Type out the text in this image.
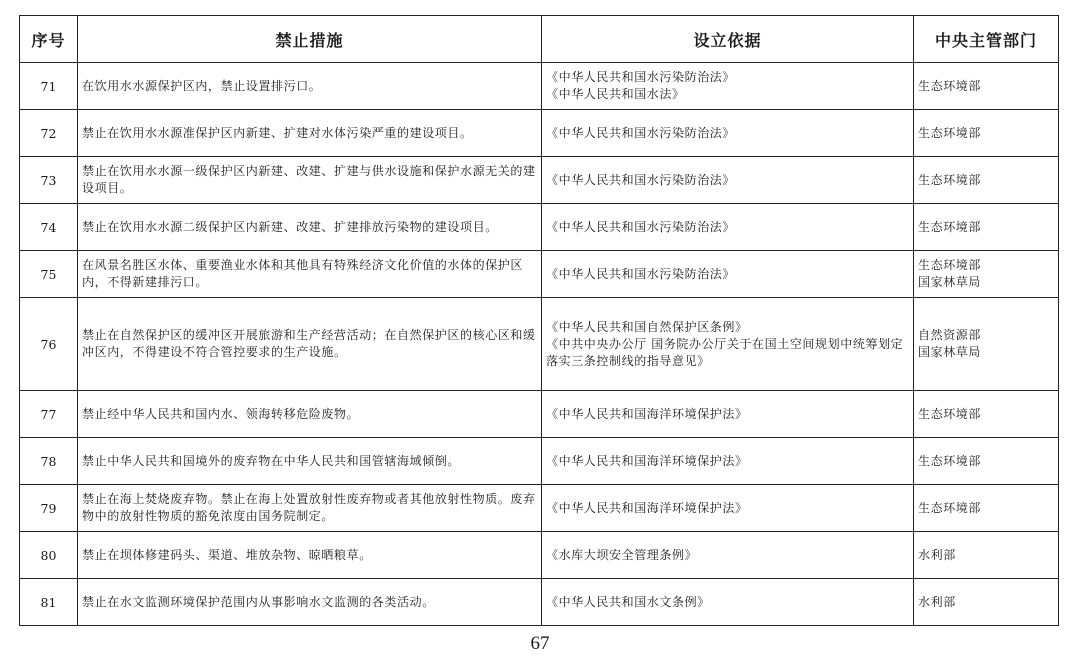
序号	禁止措施	设立依据	中央主管部门
71	在饮用水水源保护区内，禁止设置排污口。	《中华人民共和国水污染防治法》
《中华人民共和国水法》	生态环境部

72	禁止在饮用水水源准保护区内新建、扩建对水体污染严重的建设项目。	《中华人民共和国水污染防治法》	生态环境部

73	禁止在饮用水水源一级保护区内新建、改建、扩建与供水设施和保护水源无关的建设项目。	《中华人民共和国水污染防治法》	生态环境部

74	禁止在饮用水水源二级保护区内新建、改建、扩建排放污染物的建设项目。	《中华人民共和国水污染防治法》	生态环境部

75	在风景名胜区水体、重要渔业水体和其他具有特殊经济文化价值的水体的保护区内，不得新建排污口。	《中华人民共和国水污染防治法》	生态环境部
国家林草局

76	禁止在自然保护区的缓冲区开展旅游和生产经营活动；在自然保护区的核心区和缓冲区内，不得建设不符合管控要求的生产设施。	《中华人民共和国自然保护区条例》
《中共中央办公厅 国务院办公厅关于在国土空间规划中统筹划定落实三条控制线的指导意见》	自然资源部
国家林草局

77	禁止经中华人民共和国内水、领海转移危险废物。	《中华人民共和国海洋环境保护法》	生态环境部

78	禁止中华人民共和国境外的废弃物在中华人民共和国管辖海域倾倒。	《中华人民共和国海洋环境保护法》	生态环境部

79	禁止在海上焚烧废弃物。禁止在海上处置放射性废弃物或者其他放射性物质。废弃物中的放射性物质的豁免浓度由国务院制定。	《中华人民共和国海洋环境保护法》	生态环境部

80	禁止在坝体修建码头、渠道、堆放杂物、晾晒粮草。	《水库大坝安全管理条例》	水利部

81	禁止在水文监测环境保护范围内从事影响水文监测的各类活动。	《中华人民共和国水文条例》	水利部
67
